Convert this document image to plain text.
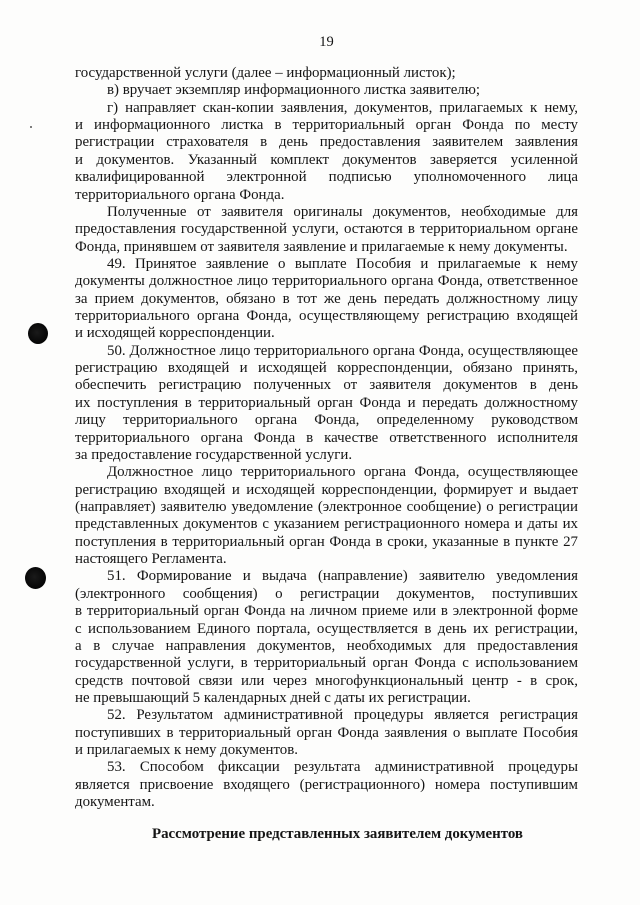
19
государственной услуги (далее – информационный листок);
в) вручает экземпляр информационного листка заявителю;
г) направляет скан-копии заявления, документов, прилагаемых к нему,
и информационного листка в территориальный орган Фонда по месту
регистрации страхователя в день предоставления заявителем заявления
и документов. Указанный комплект документов заверяется усиленной
квалифицированной электронной подписью уполномоченного лица
территориального органа Фонда.
Полученные от заявителя оригиналы документов, необходимые для
предоставления государственной услуги, остаются в территориальном органе
Фонда, принявшем от заявителя заявление и прилагаемые к нему документы.
49. Принятое заявление о выплате Пособия и прилагаемые к нему
документы должностное лицо территориального органа Фонда, ответственное
за прием документов, обязано в тот же день передать должностному лицу
территориального органа Фонда, осуществляющему регистрацию входящей
и исходящей корреспонденции.
50. Должностное лицо территориального органа Фонда, осуществляющее
регистрацию входящей и исходящей корреспонденции, обязано принять,
обеспечить регистрацию полученных от заявителя документов в день
их поступления в территориальный орган Фонда и передать должностному
лицу территориального органа Фонда, определенному руководством
территориального органа Фонда в качестве ответственного исполнителя
за предоставление государственной услуги.
Должностное лицо территориального органа Фонда, осуществляющее
регистрацию входящей и исходящей корреспонденции, формирует и выдает
(направляет) заявителю уведомление (электронное сообщение) о регистрации
представленных документов с указанием регистрационного номера и даты их
поступления в территориальный орган Фонда в сроки, указанные в пункте 27
настоящего Регламента.
51. Формирование и выдача (направление) заявителю уведомления
(электронного сообщения) о регистрации документов, поступивших
в территориальный орган Фонда на личном приеме или в электронной форме
с использованием Единого портала, осуществляется в день их регистрации,
а в случае направления документов, необходимых для предоставления
государственной услуги, в территориальный орган Фонда с использованием
средств почтовой связи или через многофункциональный центр - в срок,
не превышающий 5 календарных дней с даты их регистрации.
52. Результатом административной процедуры является регистрация
поступивших в территориальный орган Фонда заявления о выплате Пособия
и прилагаемых к нему документов.
53. Способом фиксации результата административной процедуры
является присвоение входящего (регистрационного) номера поступившим
документам.
Рассмотрение представленных заявителем документов
